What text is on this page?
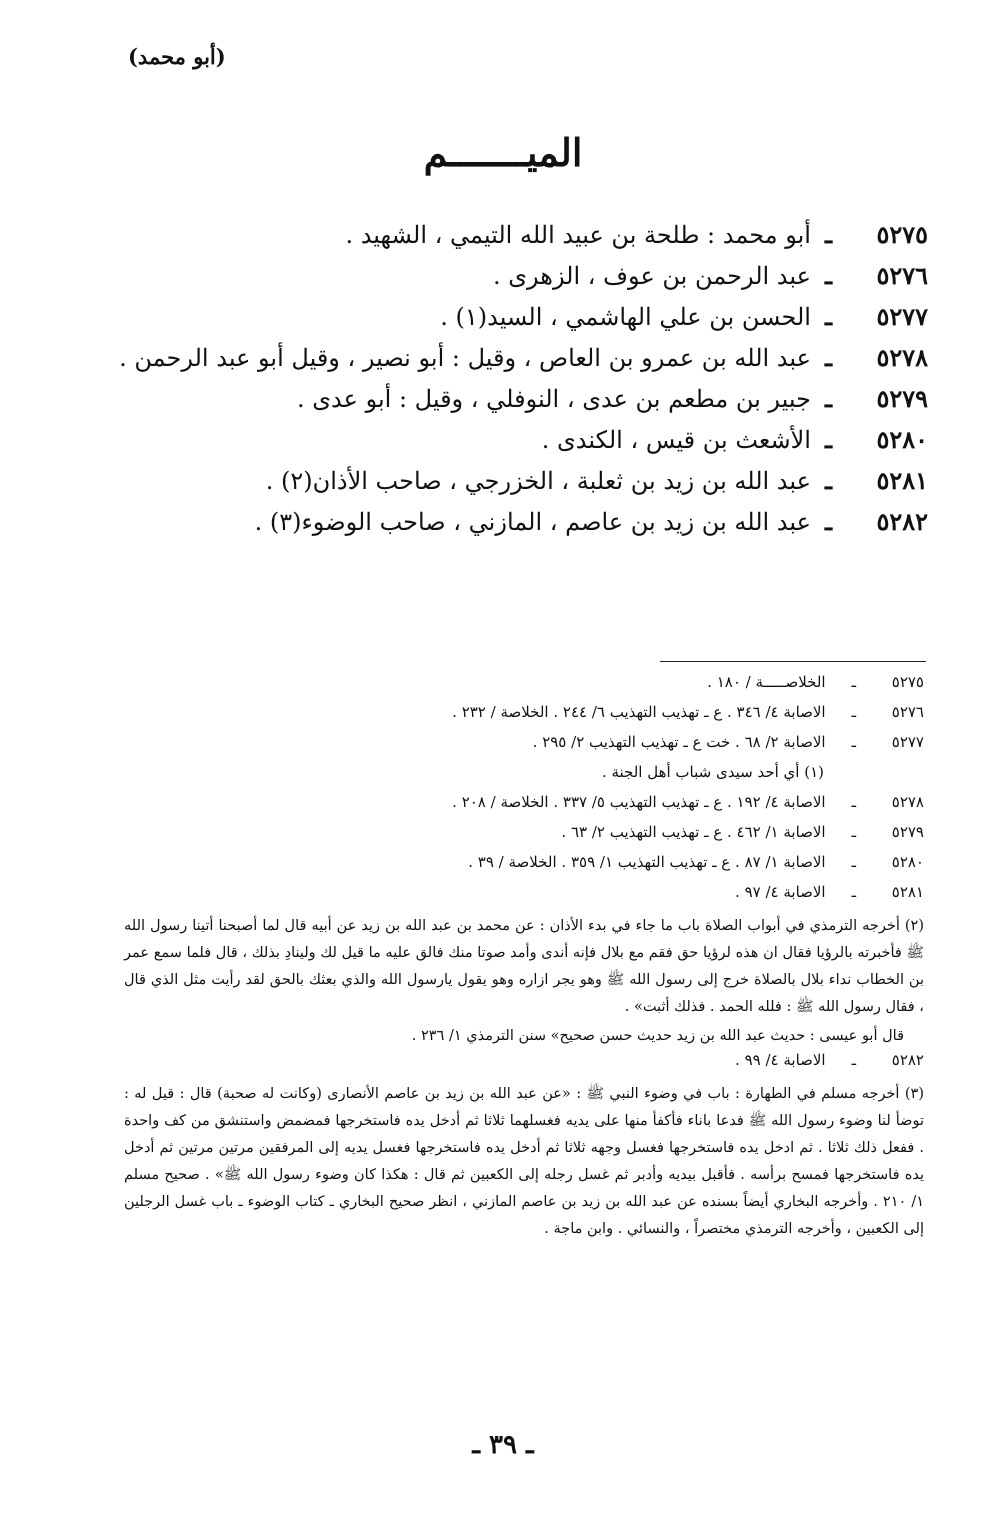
(أبو محمد)
الميـــــــم
٥٢٧٥
ـ
أبو محمد : طلحة بن عبيد الله التيمي ، الشهيد .
٥٢٧٦
ـ
عبد الرحمن بن عوف ، الزهرى .
٥٢٧٧
ـ
الحسن بن علي الهاشمي ، السيد(١) .
٥٢٧٨
ـ
عبد الله بن عمرو بن العاص ، وقيل : أبو نصير ، وقيل أبو عبد الرحمن .
٥٢٧٩
ـ
جبير بن مطعم بن عدى ، النوفلي ، وقيل : أبو عدى .
٥٢٨٠
ـ
الأشعث بن قيس ، الكندى .
٥٢٨١
ـ
عبد الله بن زيد بن ثعلبة ، الخزرجي ، صاحب الأذان(٢) .
٥٢٨٢
ـ
عبد الله بن زيد بن عاصم ، المازني ، صاحب الوضوء(٣) .
٥٢٧٥
ـ
الخلاصـــــة / ١٨٠ .
٥٢٧٦
ـ
الاصابة ٤/ ٣٤٦ . ع ـ تهذيب التهذيب ٦/ ٢٤٤ . الخلاصة / ٢٣٢ .
٥٢٧٧
ـ
الاصابة ٢/ ٦٨ . خت ع ـ تهذيب التهذيب ٢/ ٢٩٥ .
(١) أي أحد سيدى شباب أهل الجنة .
٥٢٧٨
ـ
الاصابة ٤/ ١٩٢ . ع ـ تهذيب التهذيب ٥/ ٣٣٧ . الخلاصة / ٢٠٨ .
٥٢٧٩
ـ
الاصابة ١/ ٤٦٢ . ع ـ تهذيب التهذيب ٢/ ٦٣ .
٥٢٨٠
ـ
الاصابة ١/ ٨٧ . ع ـ تهذيب التهذيب ١/ ٣٥٩ . الخلاصة / ٣٩ .
٥٢٨١
ـ
الاصابة ٤/ ٩٧ .

(٢) أخرجه الترمذي في أبواب الصلاة باب ما جاء في بدء الأذان : عن محمد بن عبد الله بن زيد عن أبيه قال لما أصبحنا أتينا رسول الله ﷺ فأخبرته بالرؤيا فقال ان هذه لرؤيا حق فقم مع بلال فإنه أندى وأمد صوتا منك فالق عليه ما قيل لك ولينادِ بذلك ، قال فلما سمع عمر بن الخطاب نداء بلال بالصلاة خرج إلى رسول الله ﷺ وهو يجر ازاره وهو يقول يارسول الله والذي بعثك بالحق لقد رأيت مثل الذي قال ، فقال رسول الله ﷺ : فلله الحمد . فذلك أثبت» .

قال أبو عيسى : حديث عبد الله بن زيد حديث حسن صحيح» سنن الترمذي ١/ ٢٣٦ .

٥٢٨٢
ـ
الاصابة ٤/ ٩٩ .

(٣) أخرجه مسلم في الطهارة : باب في وضوء النبي ﷺ : «عن عبد الله بن زيد بن عاصم الأنصارى (وكانت له صحبة) قال : قيل له : توضأ لنا وضوء رسول الله ﷺ فدعا باناء فأكفأ منها على يديه فغسلهما ثلاثا ثم أدخل يده فاستخرجها فمضمض واستنشق من كف واحدة . ففعل ذلك ثلاثا . ثم ادخل يده فاستخرجها فغسل وجهه ثلاثا ثم أدخل يده فاستخرجها فغسل يديه إلى المرفقين مرتين مرتين ثم أدخل يده فاستخرجها فمسح برأسه . فأقبل بيديه وأدبر ثم غسل رجله إلى الكعبين ثم قال : هكذا كان وضوء رسول الله ﷺ» . صحيح مسلم ١/ ٢١٠ . وأخرجه البخاري أيضاً بسنده عن عبد الله بن زيد بن عاصم المازني ، انظر صحيح البخاري ـ كتاب الوضوء ـ باب غسل الرجلين إلى الكعبين ، وأخرجه الترمذي مختصراً ، والنسائي . وابن ماجة .

ـ ٣٩ ـ
